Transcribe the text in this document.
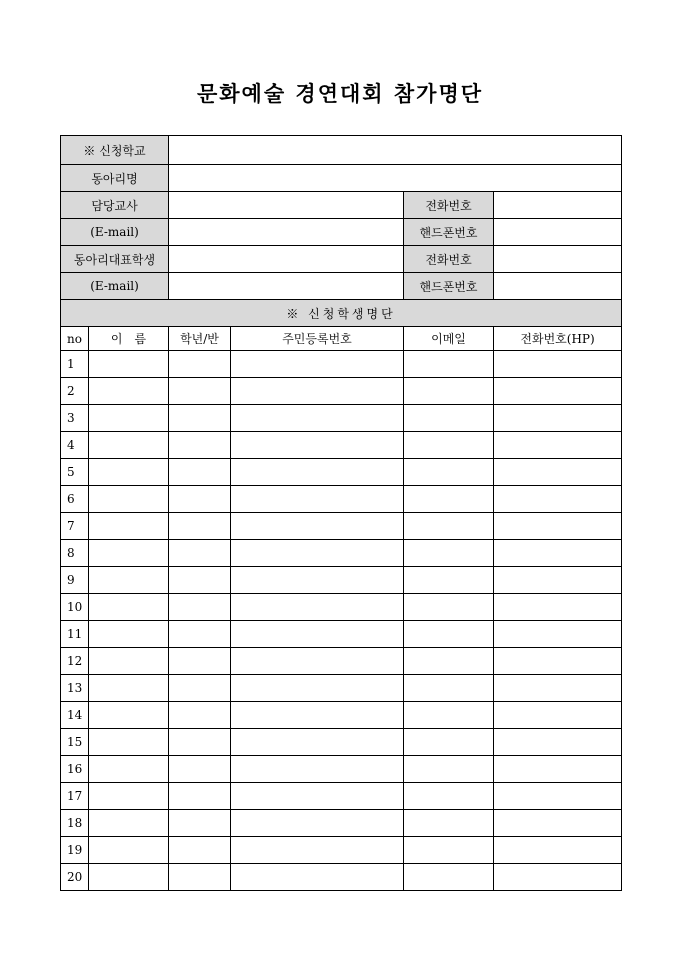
문화예술 경연대회 참가명단
※ 신청학교					
동아리명					
담당교사				전화번호	
(E-mail)				핸드폰번호	
동아리대표학생				전화번호	
(E-mail)				핸드폰번호	
※ 신청학생명단					
no	이　름	학년/반	주민등록번호	이메일	전화번호(HP)
1					
2					
3					
4					
5					
6					
7					
8					
9					
10					
11					
12					
13					
14					
15					
16					
17					
18					
19					
20					
